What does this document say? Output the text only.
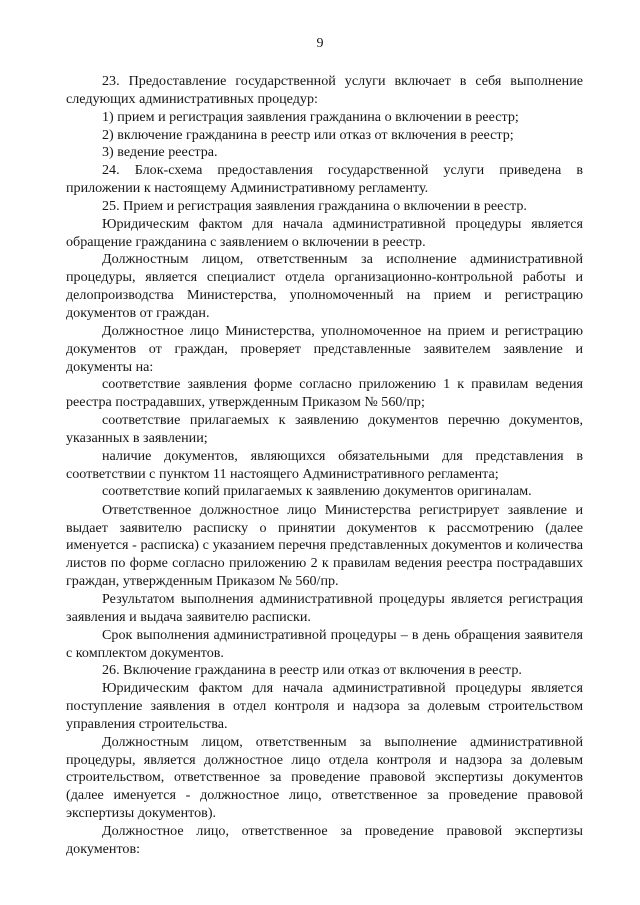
9

23. Предоставление государственной услуги включает в себя выполнение следующих административных процедур:

1) прием и регистрация заявления гражданина о включении в реестр;

2) включение гражданина в реестр или отказ от включения в реестр;

3) ведение реестра.

24. Блок-схема предоставления государственной услуги приведена в приложении к настоящему Административному регламенту.

25. Прием и регистрация заявления гражданина о включении в реестр.

Юридическим фактом для начала административной процедуры является обращение гражданина с заявлением о включении в реестр.

Должностным лицом, ответственным за исполнение административной процедуры, является специалист отдела организационно-контрольной работы и делопроизводства Министерства, уполномоченный на прием и регистрацию документов от граждан.

Должностное лицо Министерства, уполномоченное на прием и регистрацию документов от граждан, проверяет представленные заявителем заявление и документы на:

соответствие заявления форме согласно приложению 1 к правилам ведения реестра пострадавших, утвержденным Приказом № 560/пр;

соответствие прилагаемых к заявлению документов перечню документов, указанных в заявлении;

наличие документов, являющихся обязательными для представления в соответствии с пунктом 11 настоящего Административного регламента;

соответствие копий прилагаемых к заявлению документов оригиналам.

Ответственное должностное лицо Министерства регистрирует заявление и выдает заявителю расписку о принятии документов к рассмотрению (далее именуется - расписка) с указанием перечня представленных документов и количества листов по форме согласно приложению 2 к правилам ведения реестра пострадавших граждан, утвержденным Приказом № 560/пр.

Результатом выполнения административной процедуры является регистрация заявления и выдача заявителю расписки.

Срок выполнения административной процедуры – в день обращения заявителя с комплектом документов.

26. Включение гражданина в реестр или отказ от включения в реестр.

Юридическим фактом для начала административной процедуры является поступление заявления в отдел контроля и надзора за долевым строительством управления строительства.

Должностным лицом, ответственным за выполнение административной процедуры, является должностное лицо отдела контроля и надзора за долевым строительством, ответственное за проведение правовой экспертизы документов (далее именуется - должностное лицо, ответственное за проведение правовой экспертизы документов).

Должностное лицо, ответственное за проведение правовой экспертизы документов:
